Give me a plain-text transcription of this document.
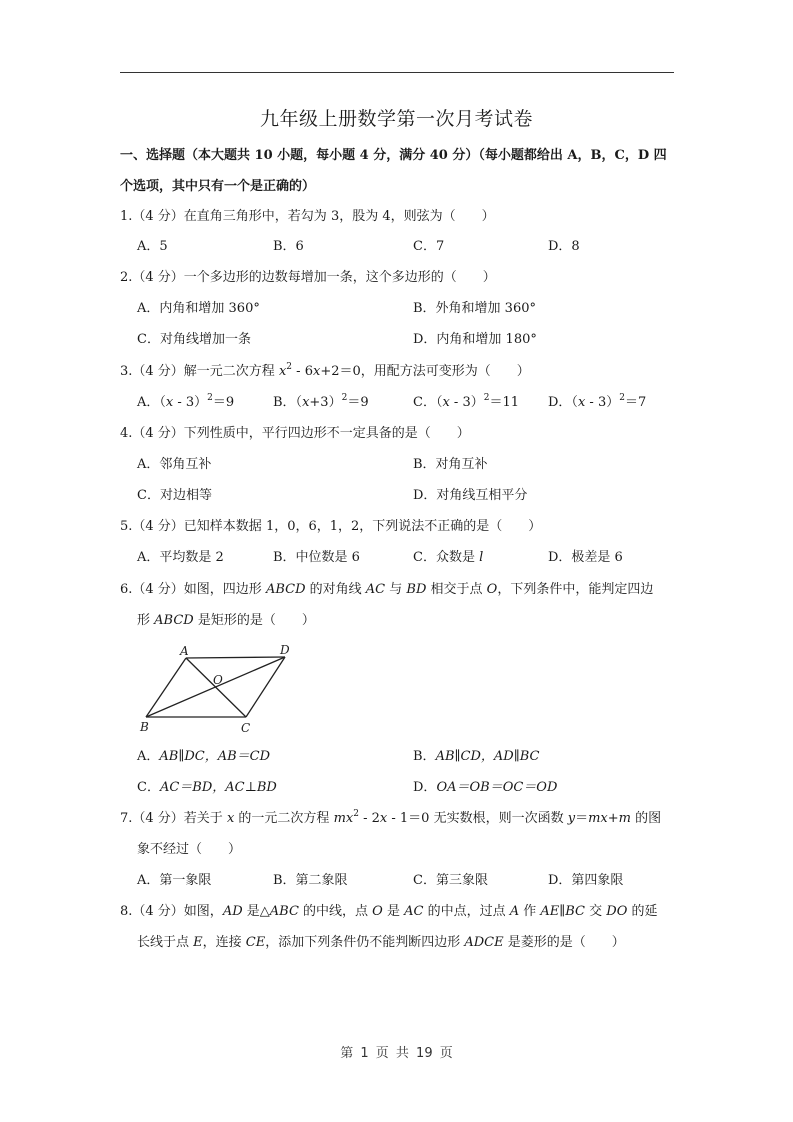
九年级上册数学第一次月考试卷
一、选择题（本大题共 10 小题，每小题 4 分，满分 40 分）（每小题都给出 A，B，C，D 四
个选项，其中只有一个是正确的）
1.（4 分）在直角三角形中，若勾为 3，股为 4，则弦为（　　）
A．5	B．6	C．7	D．8
2.（4 分）一个多边形的边数每增加一条，这个多边形的（　　）
A．内角和增加 360°	B．外角和增加 360°
C．对角线增加一条	D．内角和增加 180°
3.（4 分）解一元二次方程 $x^2 - 6x+2=0$，用配方法可变形为（　　）
A．（x - 3）$^2$＝9	B．$(x+3)^2=9$	C．（x - 3）$^2$＝11 D．（x - 3）$^2$＝7
4.（4 分）下列性质中，平行四边形不一定具备的是（　　）
A．邻角互补	B．对角互补
C．对边相等	D．对角线互相平分
5.（4 分）已知样本数据 1，0，6，1，2，下列说法不正确的是（　　）
A．平均数是 2	B．中位数是 6	C．众数是 l	D．极差是 6
6.（4 分）如图，四边形 ABCD 的对角线 AC 与 BD 相交于点 O，下列条件中，能判定四边
形 ABCD 是矩形的是（　　）
A	D
B	C
O
A．AB∥DC，AB＝CD	B．AB∥CD，AD∥BC
C．AC＝BD，AC⊥BD	D．OA＝OB＝OC＝OD
7.（4 分）若关于 x 的一元二次方程 $mx^2 - 2x - 1=0$ 无实数根，则一次函数 y＝mx+m 的图
象不经过（　　）
A．第一象限	B．第二象限	C．第三象限	D．第四象限
8.（4 分）如图，AD 是△ABC 的中线，点 O 是 AC 的中点，过点 A 作 AE∥BC 交 DO 的延
长线于点 E，连接 CE，添加下列条件仍不能判断四边形 ADCE 是菱形的是（　　）
第 1 页 共 19 页
